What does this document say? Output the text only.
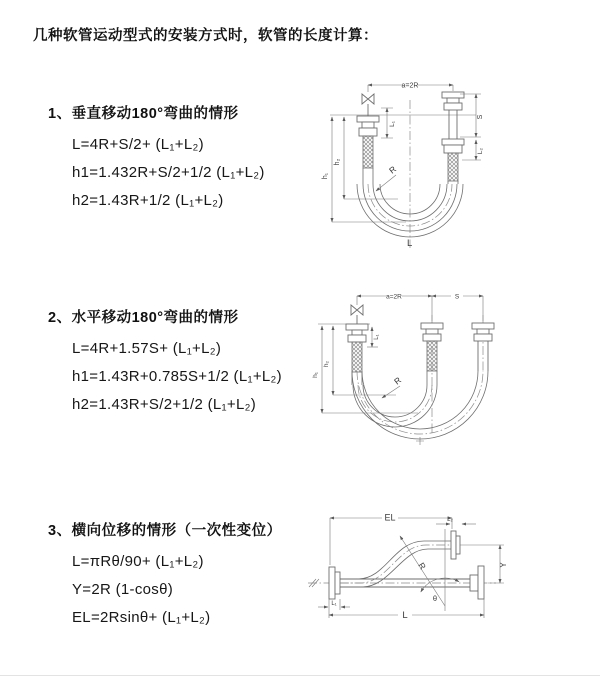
几种软管运动型式的安装方式时，软管的长度计算：
1、垂直移动180°弯曲的情形
L=4R+S/2+ (L₁+L₂)
h1=1.432R+S/2+1/2 (L₁+L₂)
h2=1.43R+1/2 (L₁+L₂)
2、水平移动180°弯曲的情形
L=4R+1.57S+ (L₁+L₂)
h1=1.43R+0.785S+1/2 (L₁+L₂)
h2=1.43R+S/2+1/2 (L₁+L₂)
3、横向位移的情形（一次性变位）
L=πRθ/90+ (L₁+L₂)
Y=2R (1-cosθ)
EL=2Rsinθ+ (L₁+L₂)
a=2R
h₁
h₂
L₁
S
L₂
R
L
a=2R	S
h₁
h₂
L₁
R
EL	L₂
Y
R
θ
L₁
L
